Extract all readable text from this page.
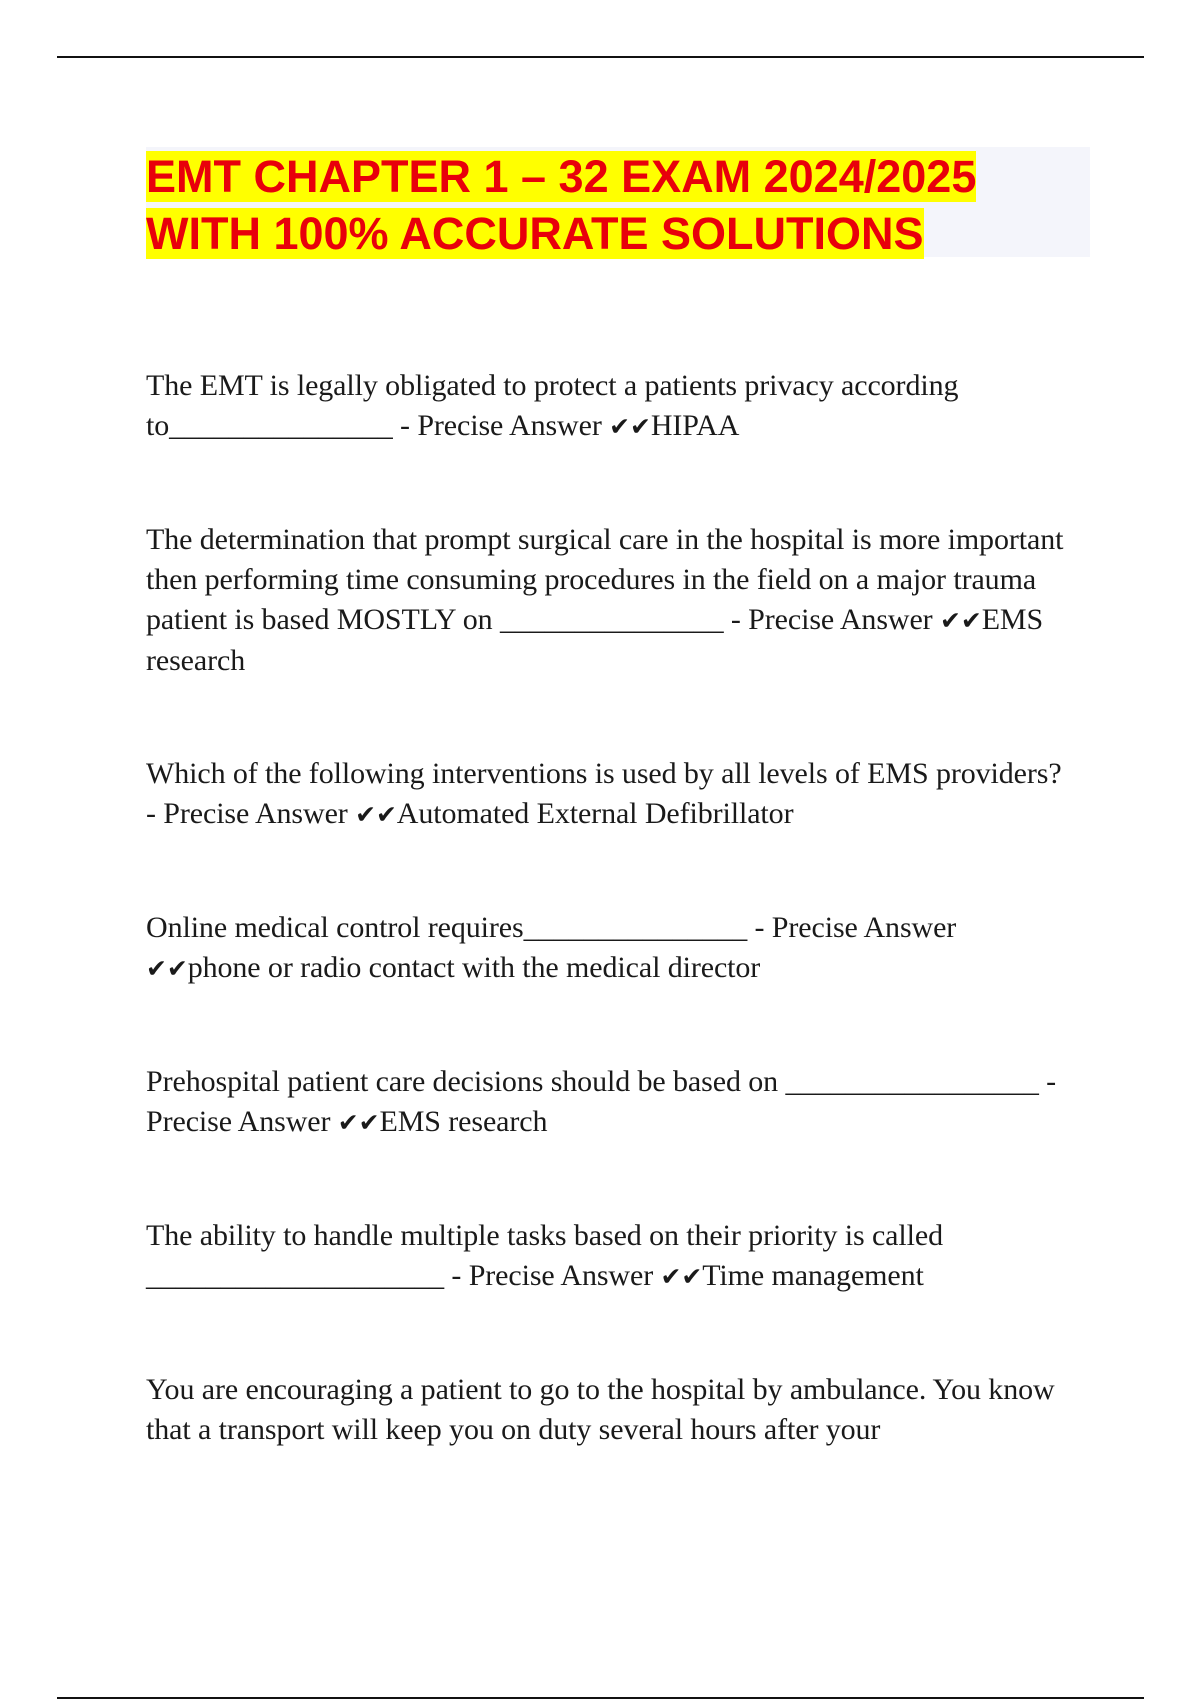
EMT CHAPTER 1 – 32 EXAM 2024/2025
WITH 100% ACCURATE SOLUTIONS
The EMT is legally obligated to protect a patients privacy according to_______________ - Precise Answer ✔✔HIPAA
The determination that prompt surgical care in the hospital is more important then performing time consuming procedures in the field on a major trauma patient is based MOSTLY on _______________ - Precise Answer ✔✔EMS research
Which of the following interventions is used by all levels of EMS providers? - Precise Answer ✔✔Automated External Defibrillator
Online medical control requires_______________ - Precise Answer ✔✔phone or radio contact with the medical director
Prehospital patient care decisions should be based on _________________ - Precise Answer ✔✔EMS research
The ability to handle multiple tasks based on their priority is called ____________________ - Precise Answer ✔✔Time management
You are encouraging a patient to go to the hospital by ambulance. You know that a transport will keep you on duty several hours after your
